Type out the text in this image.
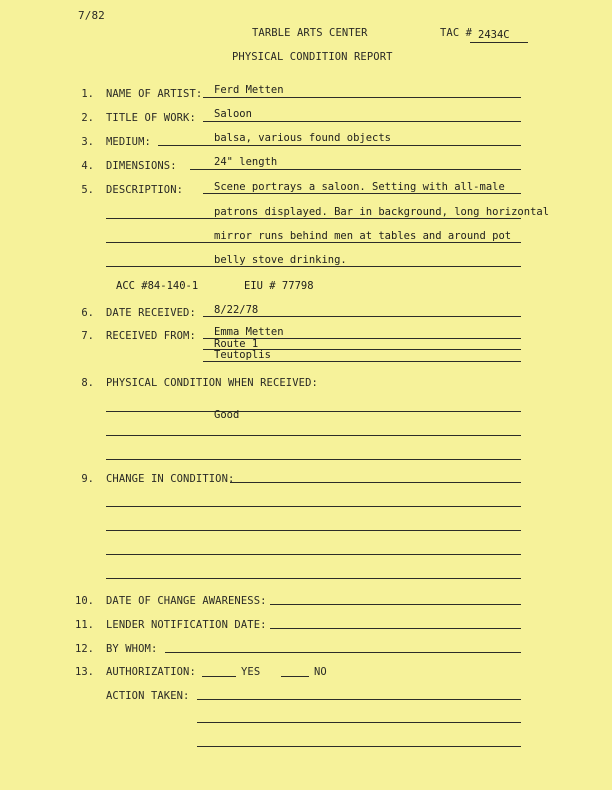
7/82
TARBLE ARTS CENTER	TAC # 2434C
PHYSICAL CONDITION REPORT
1. NAME OF ARTIST: Ferd Metten
2. TITLE OF WORK: Saloon
3. MEDIUM:	balsa, various found objects
4. DIMENSIONS:	24" length
5. DESCRIPTION:	Scene portrays a saloon. Setting with all-male
patrons displayed. Bar in background, long horizontal
mirror runs behind men at tables and around pot
belly stove drinking.
ACC #84-140-1	EIU # 77798
6. DATE RECEIVED: 8/22/78
7. RECEIVED FROM: Emma Metten
Route 1
Teutoplis
8. PHYSICAL CONDITION WHEN RECEIVED:
Good
9. CHANGE IN CONDITION:
10. DATE OF CHANGE AWARENESS:
11. LENDER NOTIFICATION DATE:
12. BY WHOM:
13. AUTHORIZATION:	YES	NO
ACTION TAKEN:
